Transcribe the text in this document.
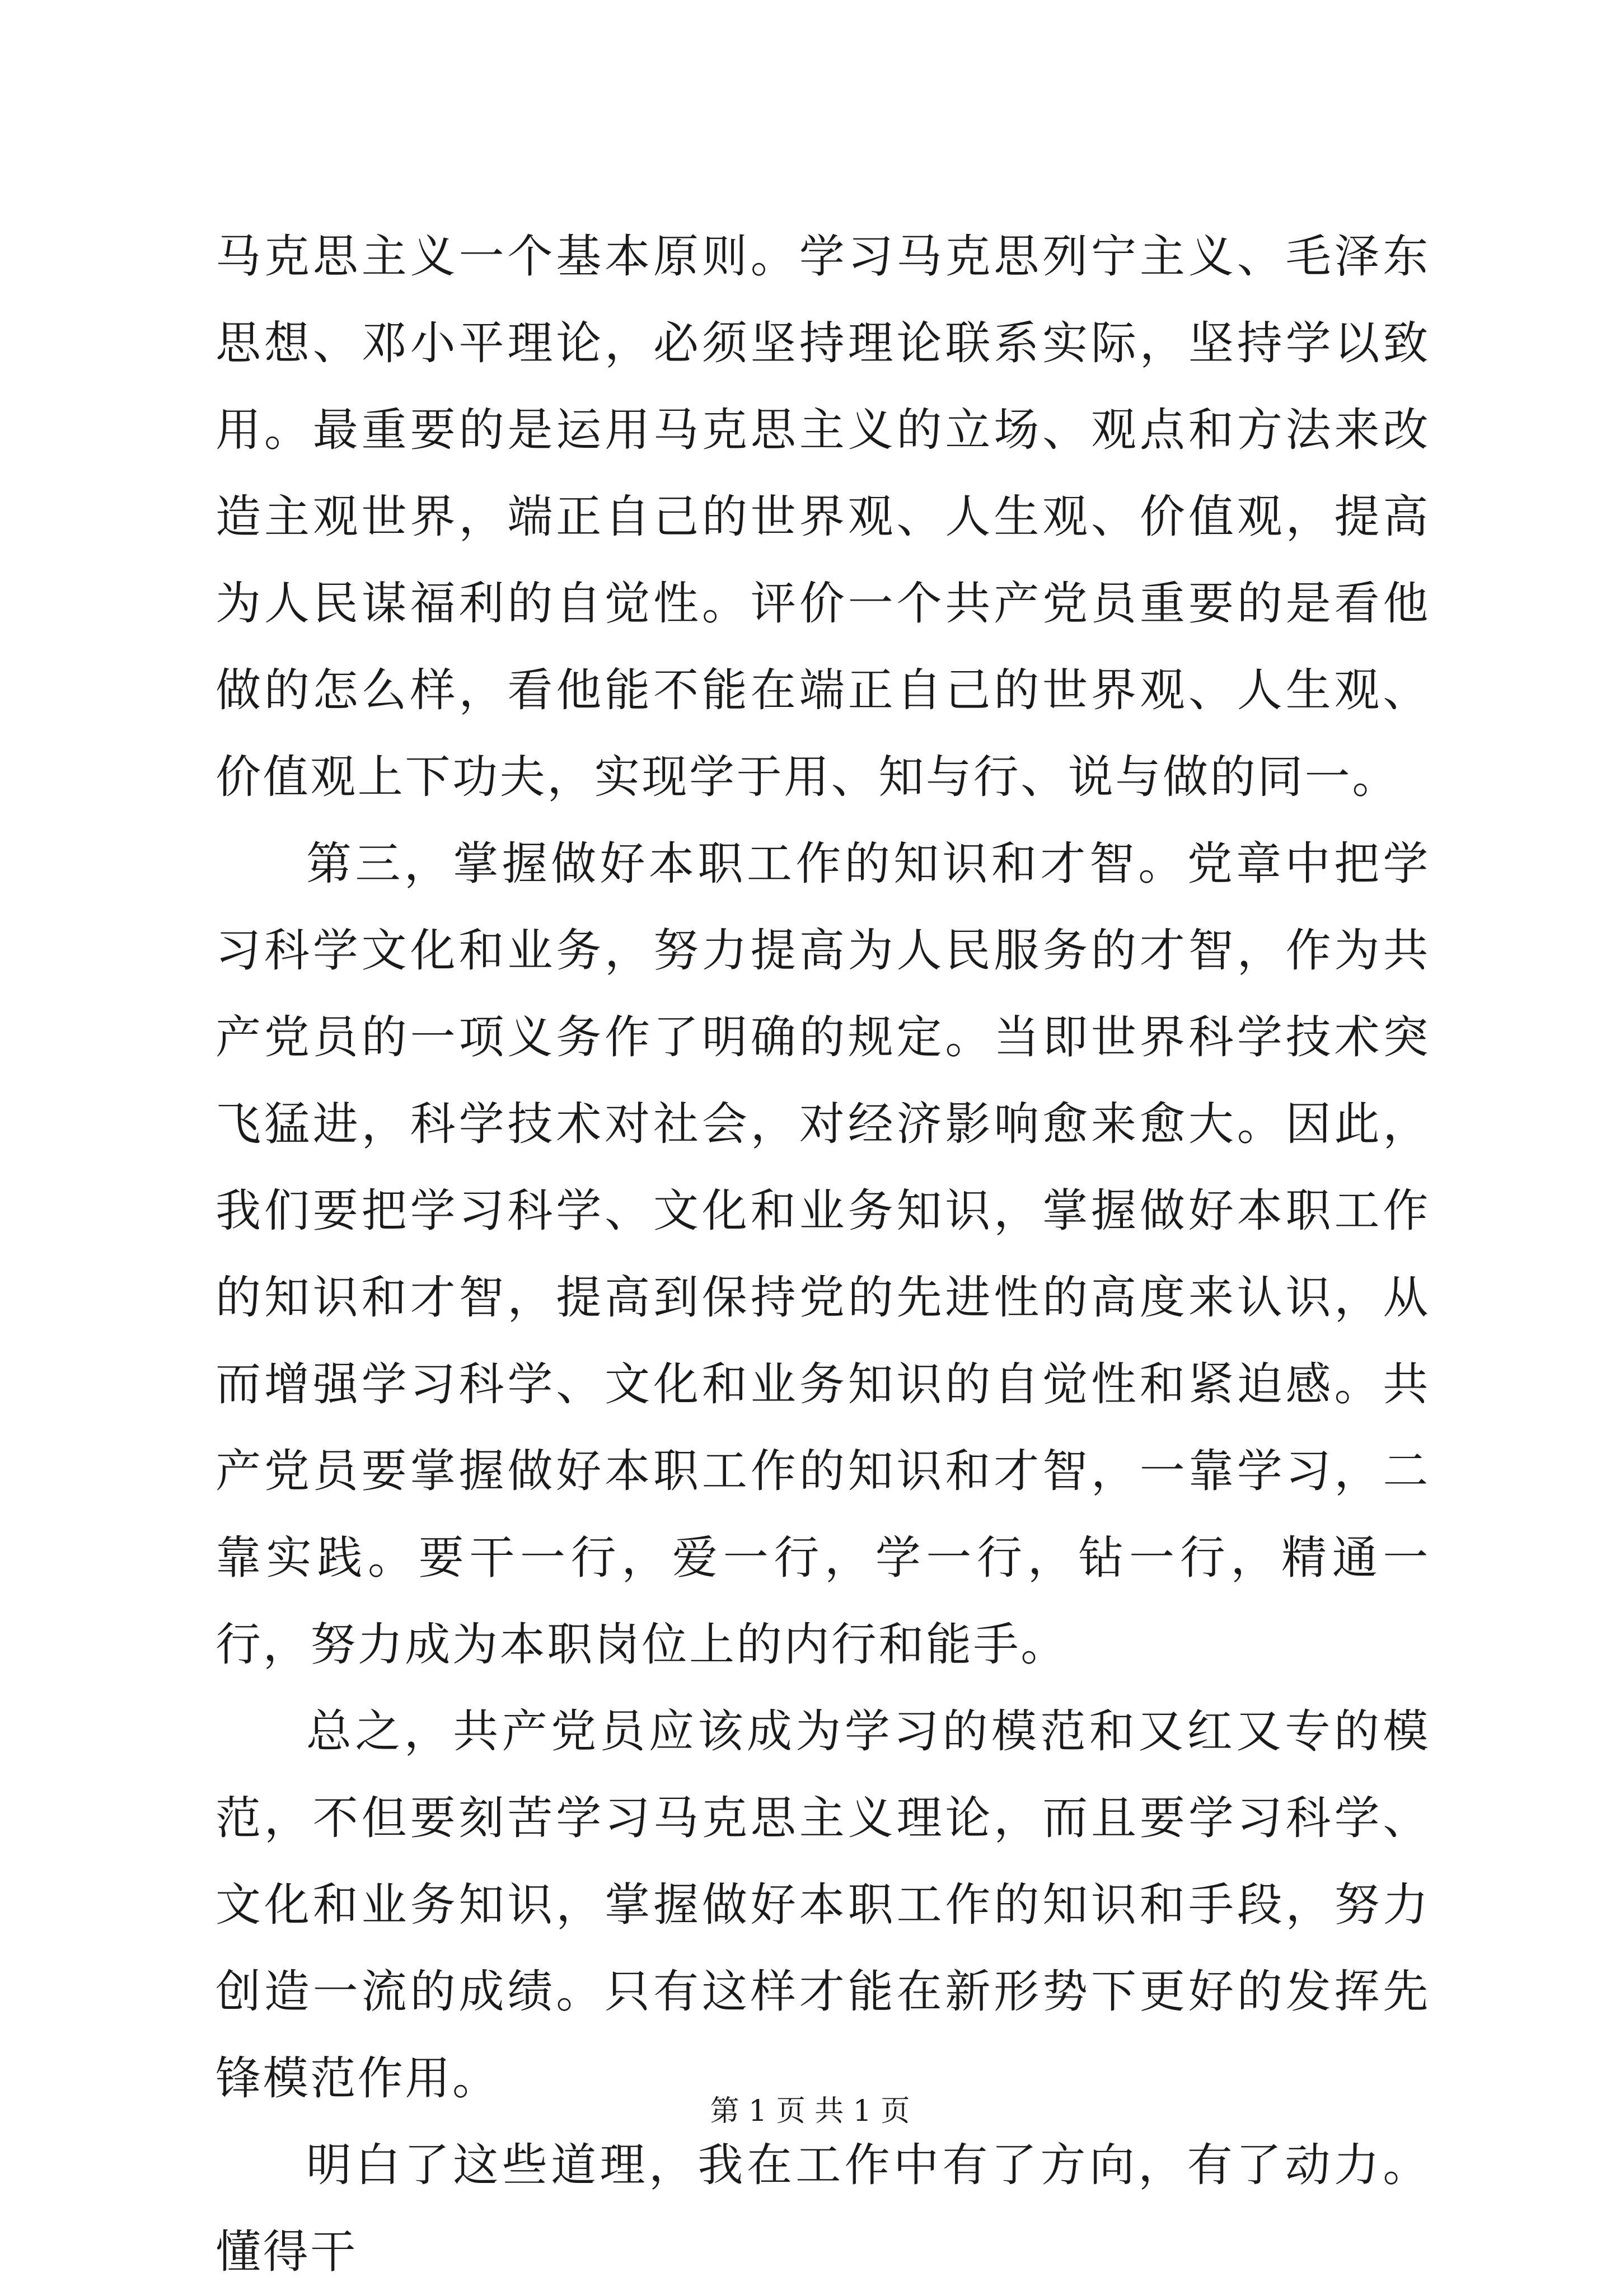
马克思主义一个基本原则。学习马克思列宁主义、毛泽东思想、邓小平理论，必须坚持理论联系实际，坚持学以致用。最重要的是运用马克思主义的立场、观点和方法来改造主观世界，端正自己的世界观、人生观、价值观，提高为人民谋福利的自觉性。评价一个共产党员重要的是看他做的怎么样，看他能不能在端正自己的世界观、人生观、价值观上下功夫，实现学于用、知与行、说与做的同一。

第三，掌握做好本职工作的知识和才智。党章中把学习科学文化和业务，努力提高为人民服务的才智，作为共产党员的一项义务作了明确的规定。当即世界科学技术突飞猛进，科学技术对社会，对经济影响愈来愈大。因此，我们要把学习科学、文化和业务知识，掌握做好本职工作的知识和才智，提高到保持党的先进性的高度来认识，从而增强学习科学、文化和业务知识的自觉性和紧迫感。共产党员要掌握做好本职工作的知识和才智，一靠学习，二靠实践。要干一行，爱一行，学一行，钻一行，精通一行，努力成为本职岗位上的内行和能手。

总之，共产党员应该成为学习的模范和又红又专的模范，不但要刻苦学习马克思主义理论，而且要学习科学、文化和业务知识，掌握做好本职工作的知识和手段，努力创造一流的成绩。只有这样才能在新形势下更好的发挥先锋模范作用。

明白了这些道理，我在工作中有了方向，有了动力。懂得干

第 1 页 共 1 页
